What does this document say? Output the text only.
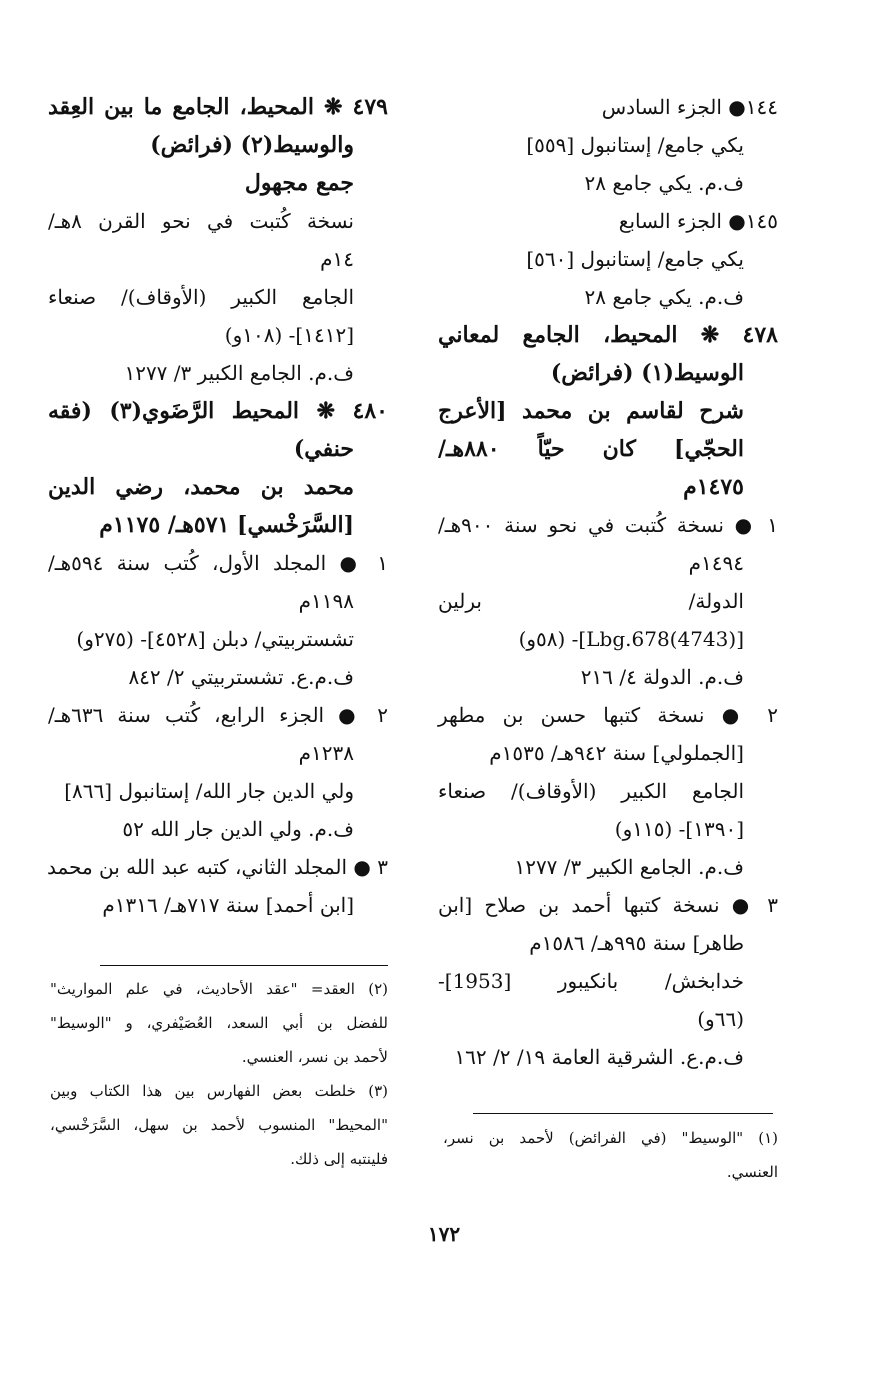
١٤٤● الجزء السادس
يكي جامع/ إستانبول [٥٥٩]
ف.م. يكي جامع ٢٨
١٤٥● الجزء السابع
يكي جامع/ إستانبول [٥٦٠]
ف.م. يكي جامع ٢٨
٤٧٨ ❋ المحيط، الجامع لمعاني
الوسيط(١) (فرائض)
شرح لقاسم بن محمد [الأعرج
الحجّي] كان حيّاً ٨٨٠هـ/
١٤٧٥م
١ ● نسخة كُتبت في نحو سنة ٩٠٠هـ/
١٤٩٤م
الدولة/ برلين
[(4743)Lbg.678]- (٥٨و)
ف.م. الدولة ٤/ ٢١٦
٢ ● نسخة كتبها حسن بن مطهر
[الجملولي] سنة ٩٤٢هـ/ ١٥٣٥م
الجامع الكبير (الأوقاف)/ صنعاء
[١٣٩٠]- (١١٥و)
ف.م. الجامع الكبير ٣/ ١٢٧٧
٣ ● نسخة كتبها أحمد بن صلاح [ابن
طاهر] سنة ٩٩٥هـ/ ١٥٨٦م
خدابخش/ بانكيبور [1953]-
(٦٦و)
ف.م.ع. الشرقية العامة ١٩/ ٢/ ١٦٢
٤٧٩ ❋ المحيط، الجامع ما بين العِقد
والوسيط(٢) (فرائض)
جمع مجهول
نسخة كُتبت في نحو القرن ٨هـ/
١٤م
الجامع الكبير (الأوقاف)/ صنعاء
[١٤١٢]- (١٠٨و)
ف.م. الجامع الكبير ٣/ ١٢٧٧
٤٨٠ ❋ المحيط الرَّضَوي(٣) (فقه
حنفي)
محمد بن محمد، رضي الدين
[السَّرَخْسي] ٥٧١هـ/ ١١٧٥م
١ ● المجلد الأول، كُتب سنة ٥٩٤هـ/
١١٩٨م
تشستربيتي/ دبلن [٤٥٢٨]- (٢٧٥و)
ف.م.ع. تشستربيتي ٢/ ٨٤٢
٢ ● الجزء الرابع، كُتب سنة ٦٣٦هـ/
١٢٣٨م
ولي الدين جار الله/ إستانبول [٨٦٦]
ف.م. ولي الدين جار الله ٥٢
٣ ● المجلد الثاني، كتبه عبد الله بن محمد
[ابن أحمد] سنة ٧١٧هـ/ ١٣١٦م
(٢) العقد= "عقد الأحاديث، في علم المواريث"
للفضل بن أبي السعد، العُصَيْفري، و "الوسيط"
لأحمد بن نسر، العنسي.
(٣) خلطت بعض الفهارس بين هذا الكتاب وبين
"المحيط" المنسوب لأحمد بن سهل، السَّرَخْسي،
فلينتبه إلى ذلك.
(١) "الوسيط" (في الفرائض) لأحمد بن نسر،
العنسي.
١٧٢
